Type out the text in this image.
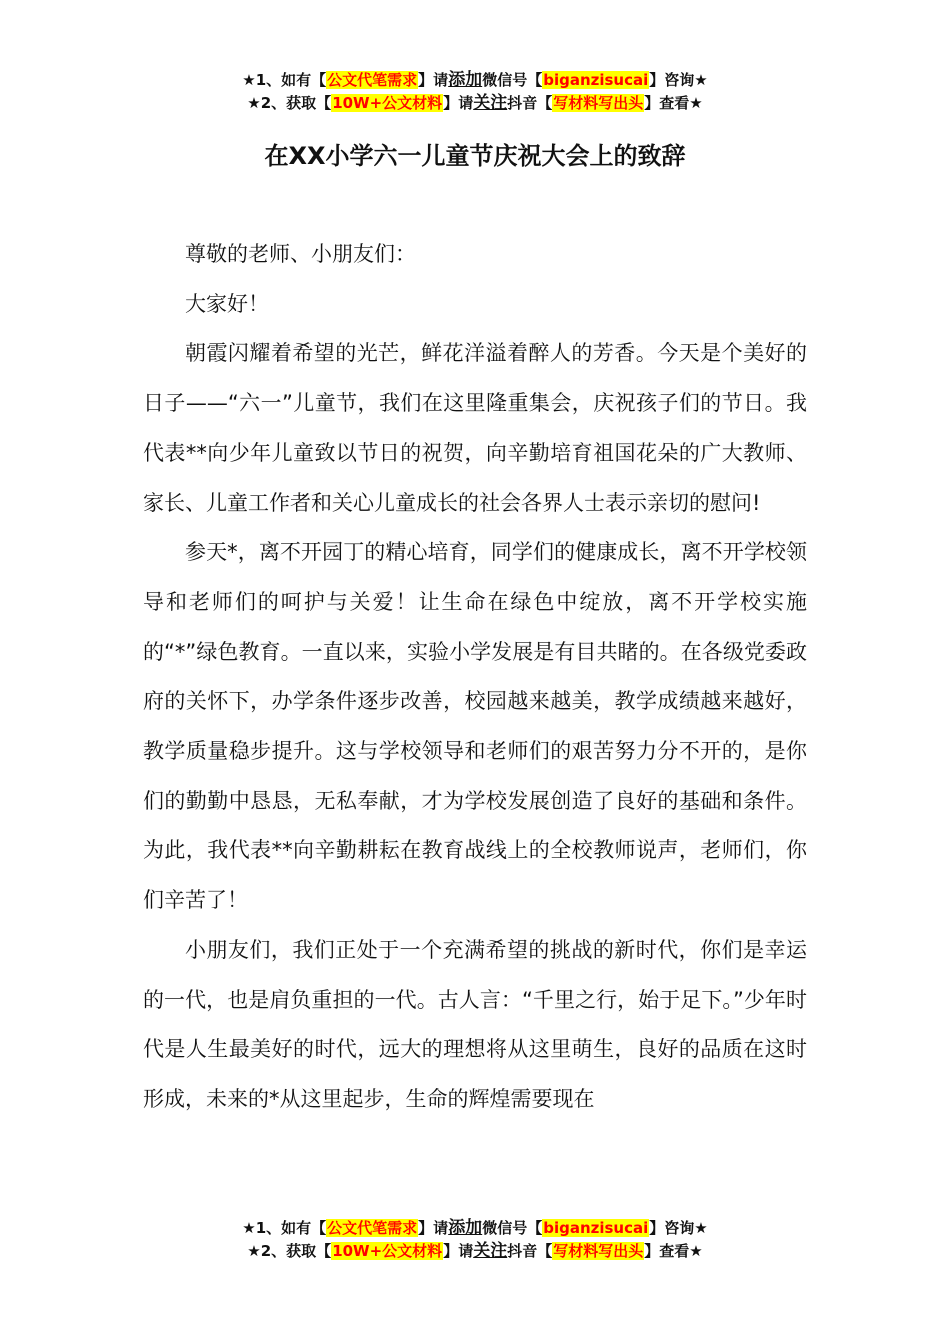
★1、如有【公文代笔需求】请添加微信号【biganzisucai】咨询★
★2、获取【10W+公文材料】请关注抖音【写材料写出头】查看★
在XX小学六一儿童节庆祝大会上的致辞

尊敬的老师、小朋友们：

大家好！

朝霞闪耀着希望的光芒，鲜花洋溢着醉人的芳香。今天是个美好的日子——“六一”儿童节，我们在这里隆重集会，庆祝孩子们的节日。我代表**向少年儿童致以节日的祝贺，向辛勤培育祖国花朵的广大教师、家长、儿童工作者和关心儿童成长的社会各界人士表示亲切的慰问!

参天*，离不开园丁的精心培育，同学们的健康成长，离不开学校领导和老师们的呵护与关爱！让生命在绿色中绽放，离不开学校实施的“*”绿色教育。一直以来，实验小学发展是有目共睹的。在各级党委政府的关怀下，办学条件逐步改善，校园越来越美，教学成绩越来越好，教学质量稳步提升。这与学校领导和老师们的艰苦努力分不开的，是你们的勤勤中恳恳，无私奉献，才为学校发展创造了良好的基础和条件。为此，我代表**向辛勤耕耘在教育战线上的全校教师说声，老师们，你们辛苦了！

小朋友们，我们正处于一个充满希望的挑战的新时代，你们是幸运的一代，也是肩负重担的一代。古人言：“千里之行，始于足下。”少年时代是人生最美好的时代，远大的理想将从这里萌生，良好的品质在这时形成，未来的*从这里起步，生命的辉煌需要现在

★1、如有【公文代笔需求】请添加微信号【biganzisucai】咨询★
★2、获取【10W+公文材料】请关注抖音【写材料写出头】查看★
